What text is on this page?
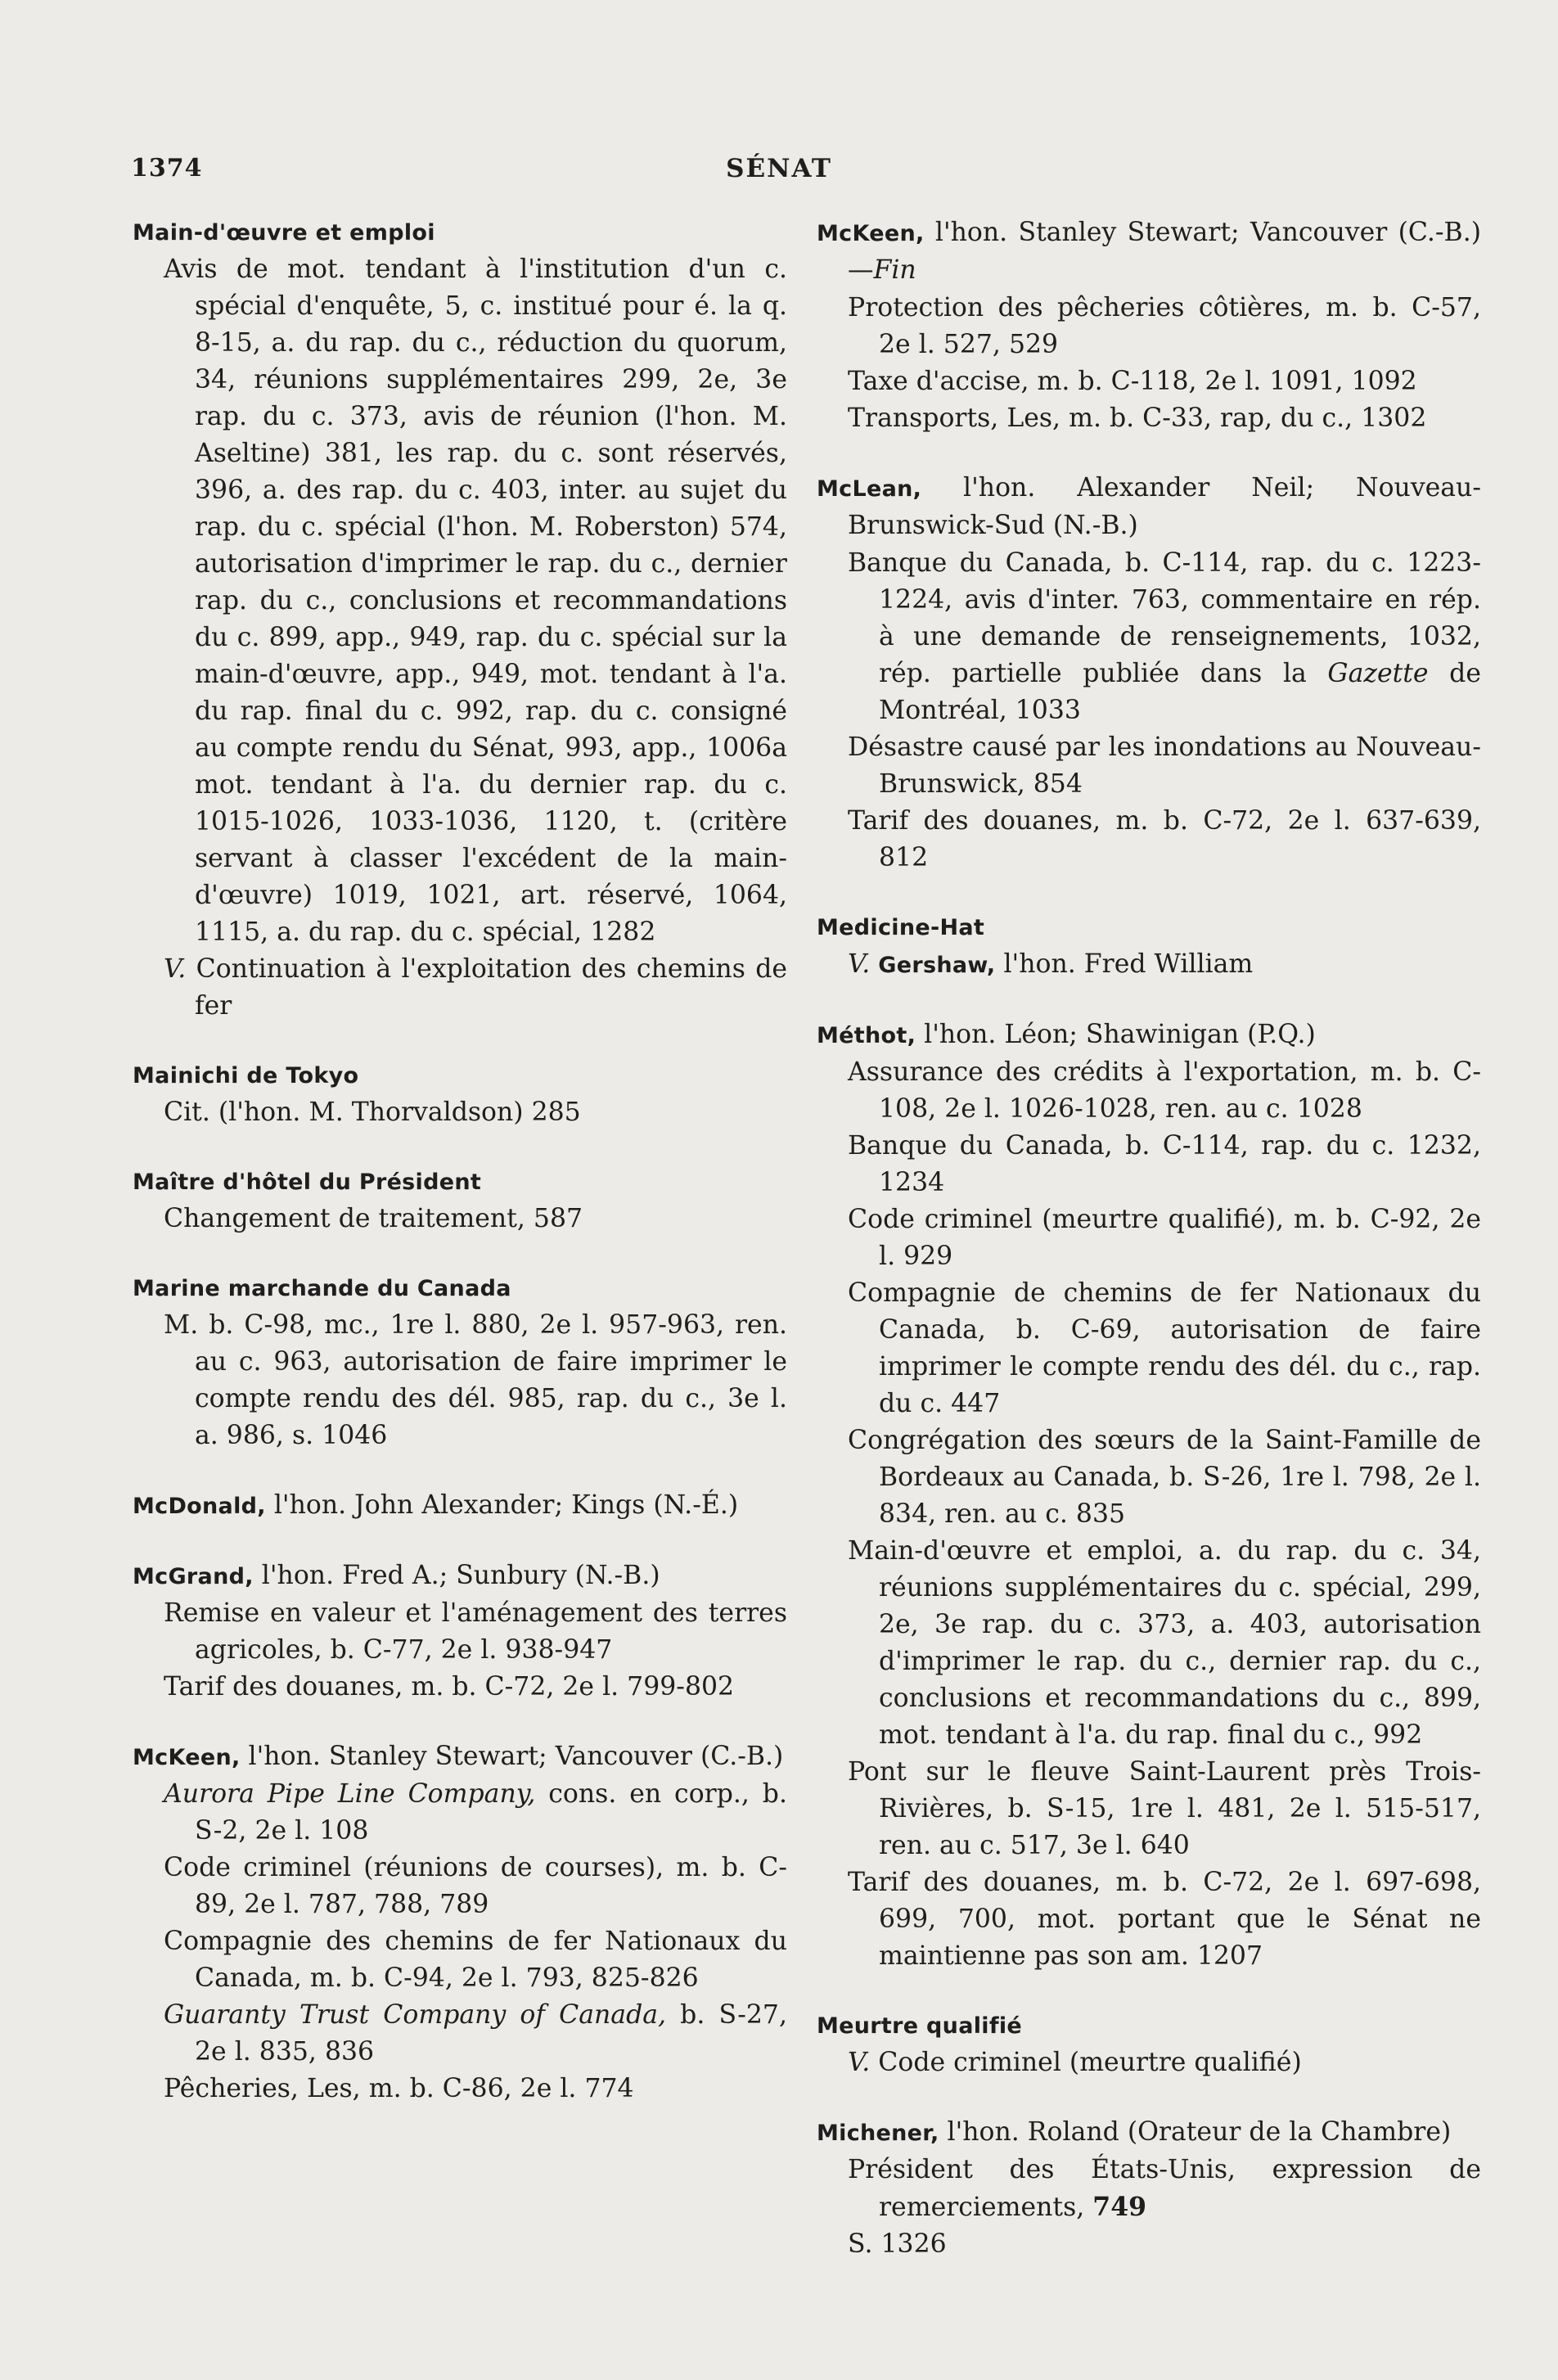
1374	SÉNAT
Main-d'œuvre et emploi
Avis de mot. tendant à l'institution d'un c. spécial d'enquête, 5, c. institué pour é. la q. 8-15, a. du rap. du c., réduction du quorum, 34, réunions supplémentaires 299, 2e, 3e rap. du c. 373, avis de réunion (l'hon. M. Aseltine) 381, les rap. du c. sont réservés, 396, a. des rap. du c. 403, inter. au sujet du rap. du c. spécial (l'hon. M. Roberston) 574, autorisation d'imprimer le rap. du c., dernier rap. du c., conclusions et recommandations du c. 899, app., 949, rap. du c. spécial sur la main-d'œuvre, app., 949, mot. tendant à l'a. du rap. final du c. 992, rap. du c. consigné au compte rendu du Sénat, 993, app., 1006a mot. tendant à l'a. du dernier rap. du c. 1015-1026, 1033-1036, 1120, t. (critère servant à classer l'excédent de la main-d'œuvre) 1019, 1021, art. réservé, 1064, 1115, a. du rap. du c. spécial, 1282
V. Continuation à l'exploitation des chemins de fer
Mainichi de Tokyo
Cit. (l'hon. M. Thorvaldson) 285
Maître d'hôtel du Président
Changement de traitement, 587
Marine marchande du Canada
M. b. C-98, mc., 1re l. 880, 2e l. 957-963, ren. au c. 963, autorisation de faire imprimer le compte rendu des dél. 985, rap. du c., 3e l. a. 986, s. 1046
McDonald, l'hon. John Alexander; Kings (N.-É.)
McGrand, l'hon. Fred A.; Sunbury (N.-B.)
Remise en valeur et l'aménagement des terres agricoles, b. C-77, 2e l. 938-947
Tarif des douanes, m. b. C-72, 2e l. 799-802
McKeen, l'hon. Stanley Stewart; Vancouver (C.-B.)
Aurora Pipe Line Company, cons. en corp., b. S-2, 2e l. 108
Code criminel (réunions de courses), m. b. C-89, 2e l. 787, 788, 789
Compagnie des chemins de fer Nationaux du Canada, m. b. C-94, 2e l. 793, 825-826
Guaranty Trust Company of Canada, b. S-27, 2e l. 835, 836
Pêcheries, Les, m. b. C-86, 2e l. 774
McKeen, l'hon. Stanley Stewart; Vancouver (C.-B.)—Fin
Protection des pêcheries côtières, m. b. C-57, 2e l. 527, 529
Taxe d'accise, m. b. C-118, 2e l. 1091, 1092
Transports, Les, m. b. C-33, rap, du c., 1302
McLean, l'hon. Alexander Neil; Nouveau-Brunswick-Sud (N.-B.)
Banque du Canada, b. C-114, rap. du c. 1223-1224, avis d'inter. 763, commentaire en rép. à une demande de renseignements, 1032, rép. partielle publiée dans la Gazette de Montréal, 1033
Désastre causé par les inondations au Nouveau-Brunswick, 854
Tarif des douanes, m. b. C-72, 2e l. 637-639, 812
Medicine-Hat
V. Gershaw, l'hon. Fred William
Méthot, l'hon. Léon; Shawinigan (P.Q.)
Assurance des crédits à l'exportation, m. b. C-108, 2e l. 1026-1028, ren. au c. 1028
Banque du Canada, b. C-114, rap. du c. 1232, 1234
Code criminel (meurtre qualifié), m. b. C-92, 2e l. 929
Compagnie de chemins de fer Nationaux du Canada, b. C-69, autorisation de faire imprimer le compte rendu des dél. du c., rap. du c. 447
Congrégation des sœurs de la Saint-Famille de Bordeaux au Canada, b. S-26, 1re l. 798, 2e l. 834, ren. au c. 835
Main-d'œuvre et emploi, a. du rap. du c. 34, réunions supplémentaires du c. spécial, 299, 2e, 3e rap. du c. 373, a. 403, autorisation d'imprimer le rap. du c., dernier rap. du c., conclusions et recommandations du c., 899, mot. tendant à l'a. du rap. final du c., 992
Pont sur le fleuve Saint-Laurent près Trois-Rivières, b. S-15, 1re l. 481, 2e l. 515-517, ren. au c. 517, 3e l. 640
Tarif des douanes, m. b. C-72, 2e l. 697-698, 699, 700, mot. portant que le Sénat ne maintienne pas son am. 1207
Meurtre qualifié
V. Code criminel (meurtre qualifié)
Michener, l'hon. Roland (Orateur de la Chambre)
Président des États-Unis, expression de remerciements, 749
S. 1326
